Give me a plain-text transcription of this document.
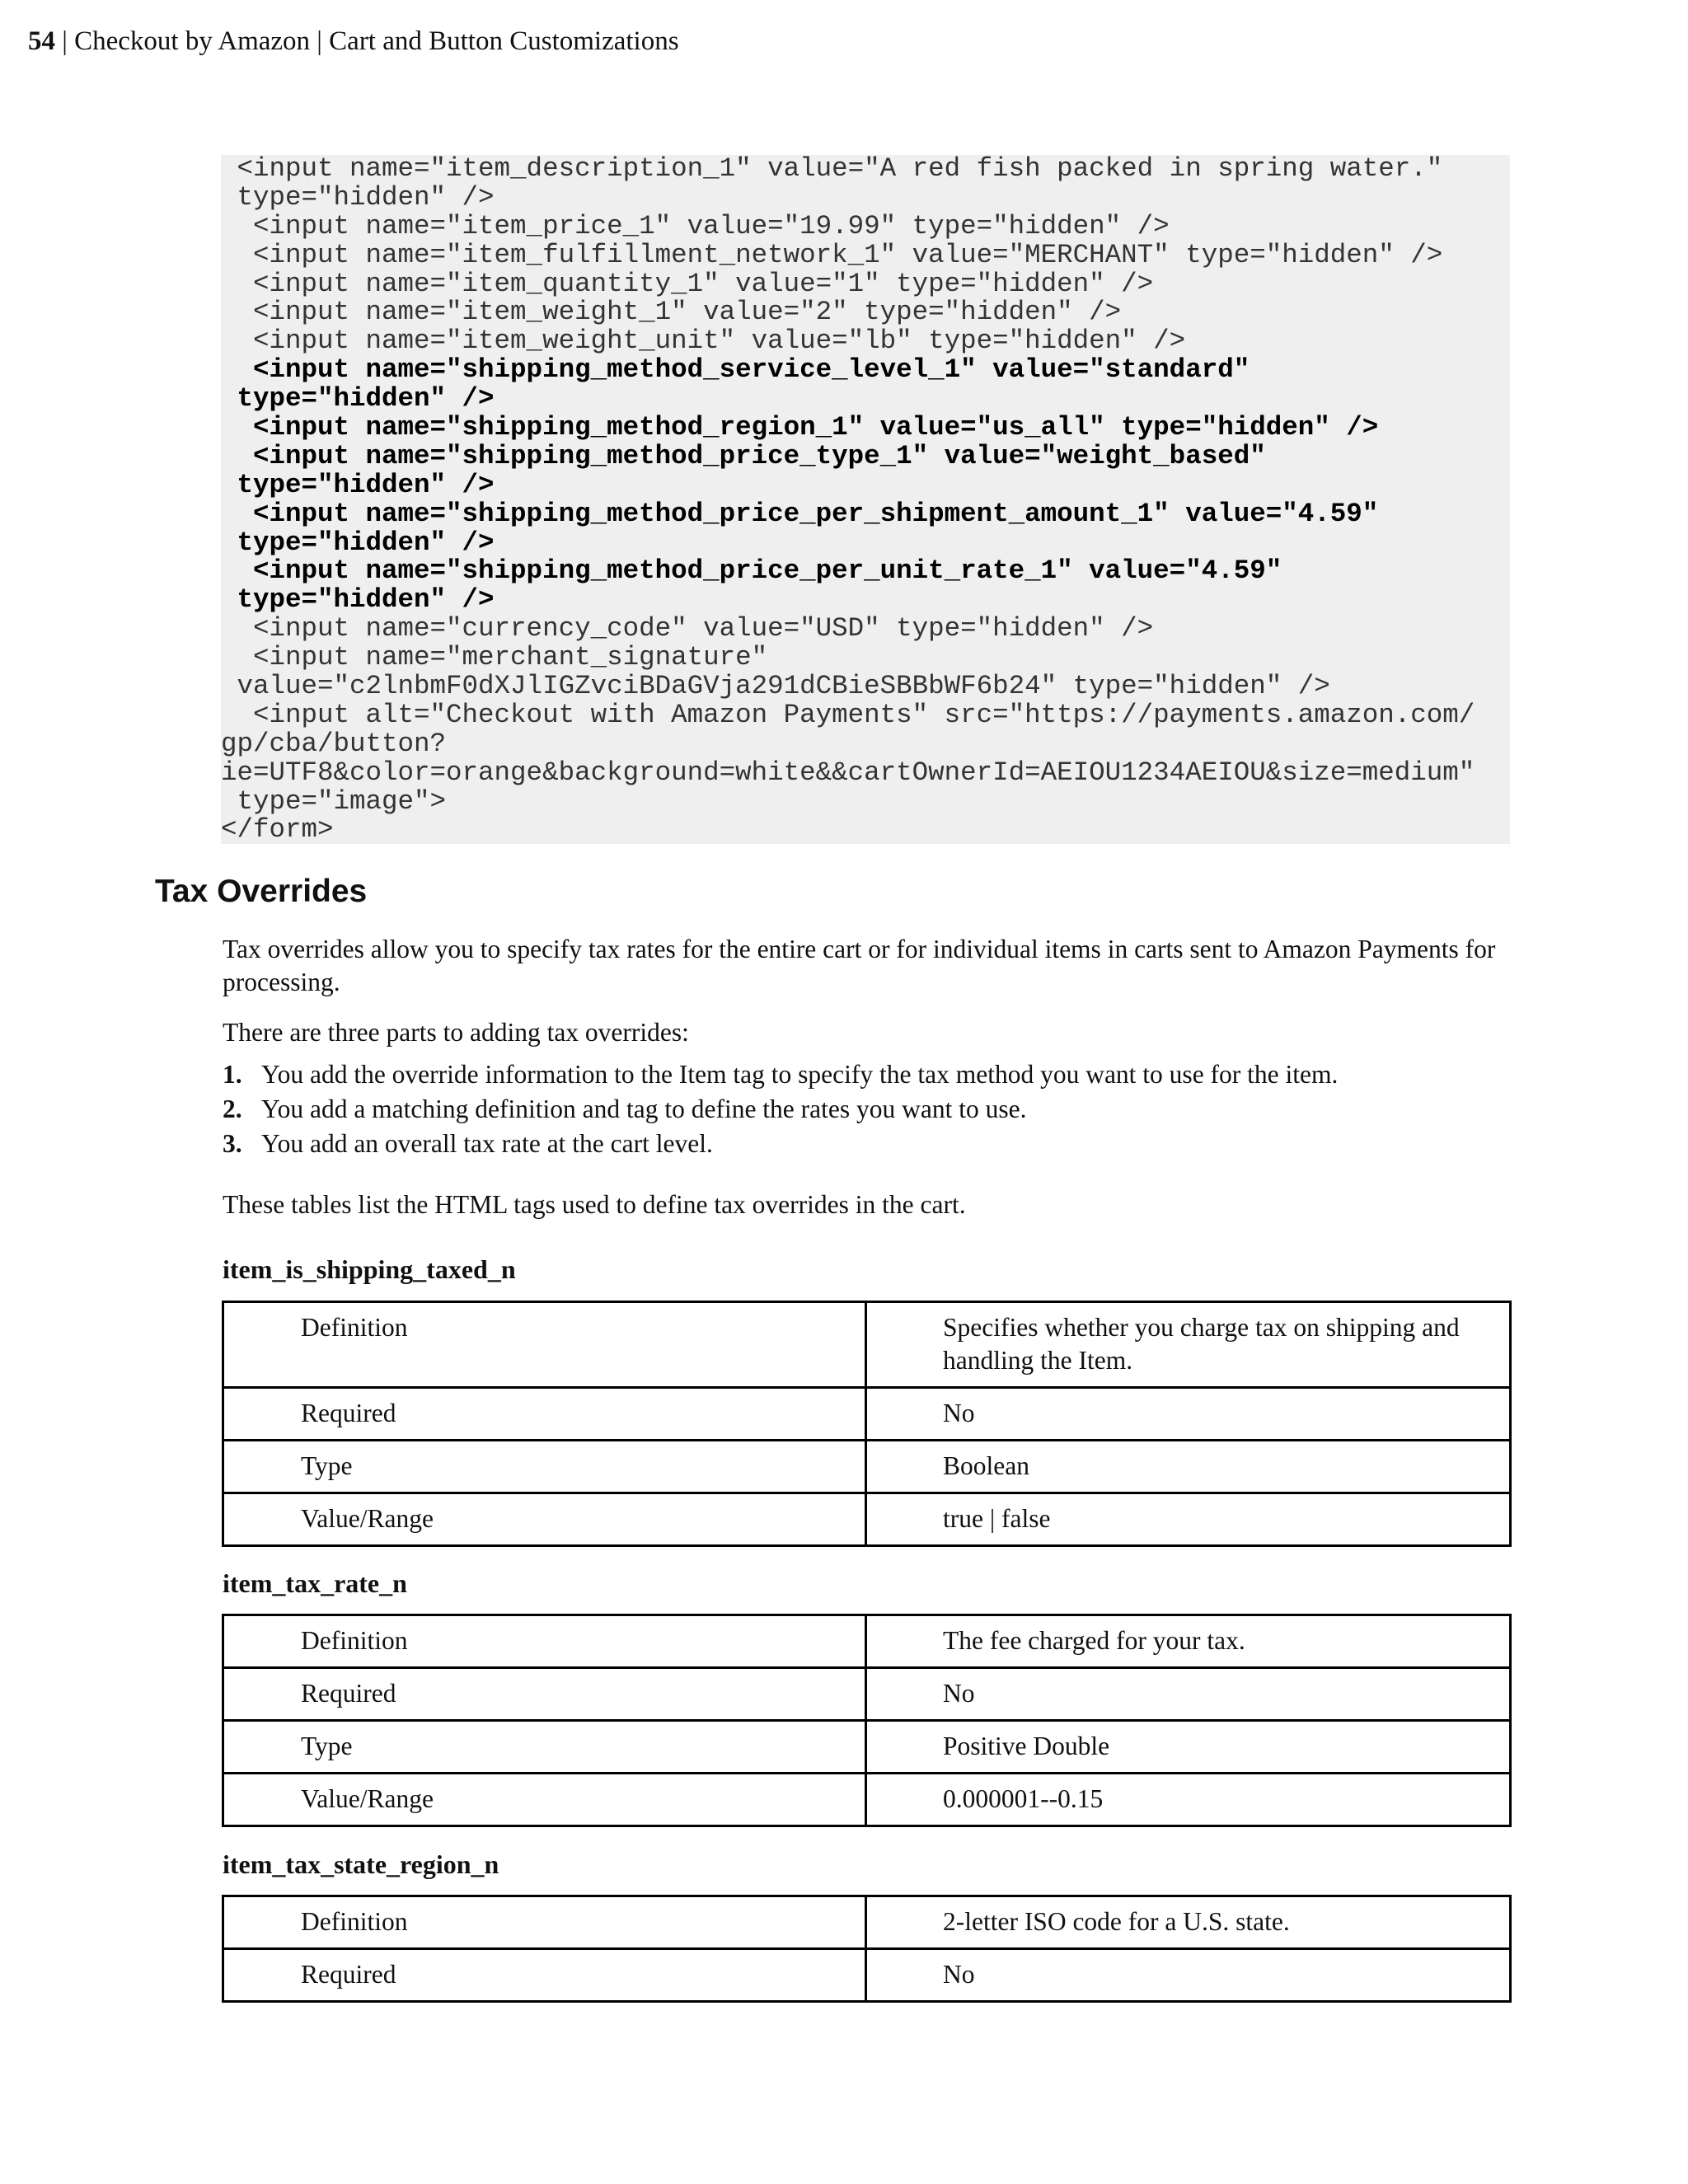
54 | Checkout by Amazon | Cart and Button Customizations
<input name="item_description_1" value="A red fish packed in spring water."
type="hidden" />
<input name="item_price_1" value="19.99" type="hidden" />
<input name="item_fulfillment_network_1" value="MERCHANT" type="hidden" />
<input name="item_quantity_1" value="1" type="hidden" />
<input name="item_weight_1" value="2" type="hidden" />
<input name="item_weight_unit" value="lb" type="hidden" />
<input name="shipping_method_service_level_1" value="standard"
type="hidden" />
<input name="shipping_method_region_1" value="us_all" type="hidden" />
<input name="shipping_method_price_type_1" value="weight_based"
type="hidden" />
<input name="shipping_method_price_per_shipment_amount_1" value="4.59"
type="hidden" />
<input name="shipping_method_price_per_unit_rate_1" value="4.59"
type="hidden" />
<input name="currency_code" value="USD" type="hidden" />
<input name="merchant_signature"
value="c2lnbmF0dXJlIGZvciBDaGVja291dCBieSBBbWF6b24" type="hidden" />
<input alt="Checkout with Amazon Payments" src="https://payments.amazon.com/
gp/cba/button?
ie=UTF8&color=orange&background=white&&cartOwnerId=AEIOU1234AEIOU&size=medium"
type="image">
</form>
Tax Overrides
Tax overrides allow you to specify tax rates for the entire cart or for individual items in carts sent to Amazon Payments for processing.
There are three parts to adding tax overrides:
1. You add the override information to the Item tag to specify the tax method you want to use for the item.
2. You add a matching definition and tag to define the rates you want to use.
3. You add an overall tax rate at the cart level.
These tables list the HTML tags used to define tax overrides in the cart.
item_is_shipping_taxed_n
Definition	Specifies whether you charge tax on shipping and handling the Item.
Required	No
Type	Boolean
Value/Range	true | false
item_tax_rate_n
Definition	The fee charged for your tax.
Required	No
Type	Positive Double
Value/Range	0.000001--0.15
item_tax_state_region_n
Definition	2-letter ISO code for a U.S. state.
Required	No
